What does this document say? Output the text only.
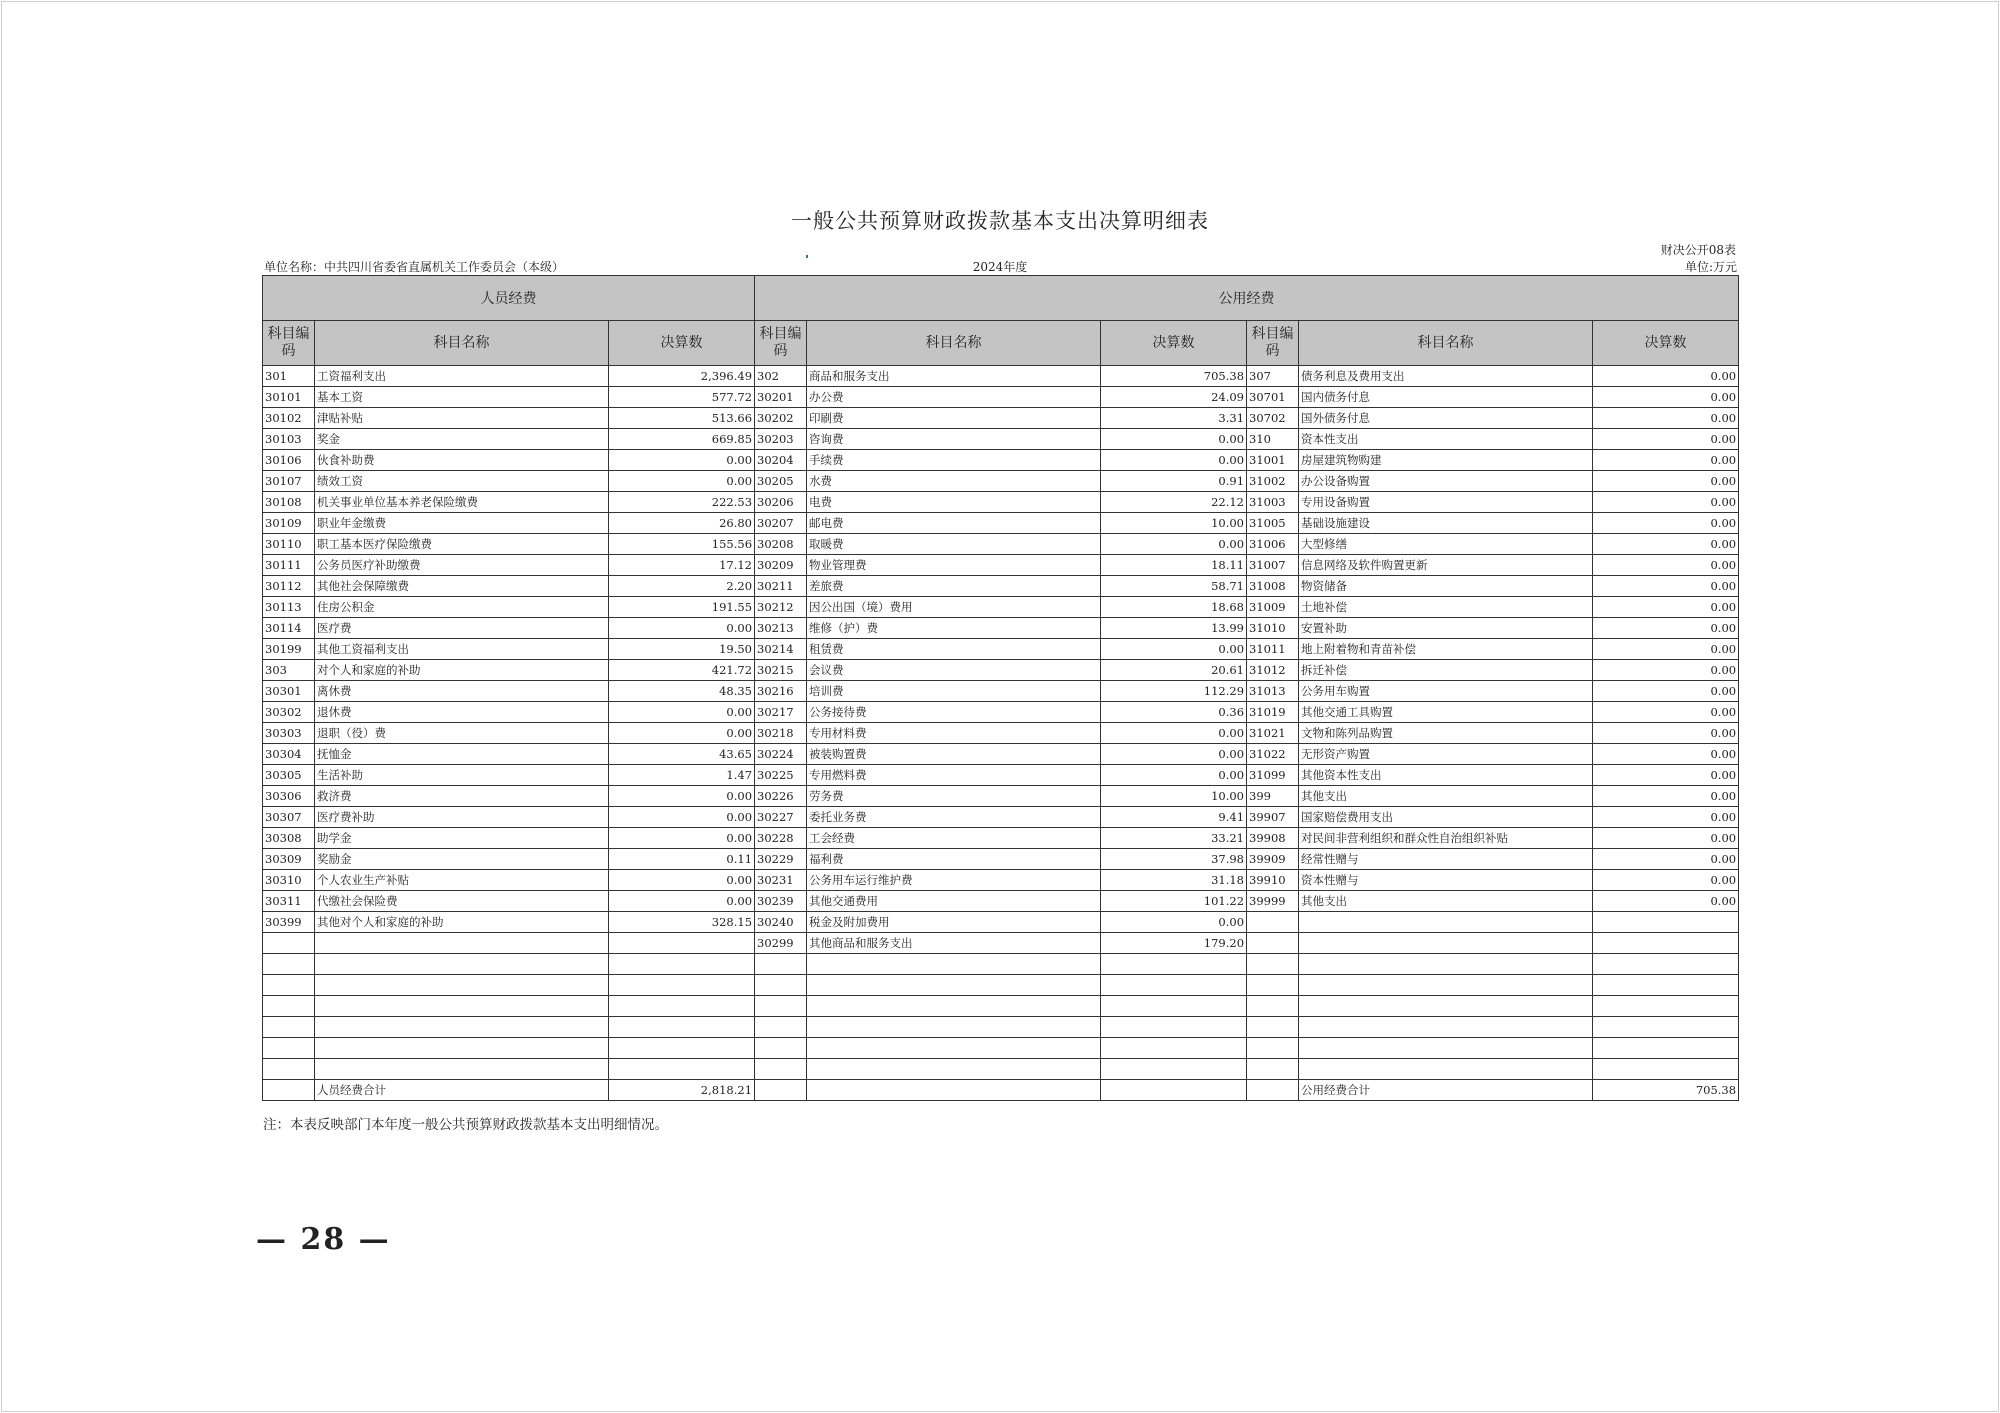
一般公共预算财政拨款基本支出决算明细表
财决公开08表
单位名称：中共四川省委省直属机关工作委员会（本级）	2024年度	单位:万元
人员经费			公用经费					
科目编码	科目名称	决算数	科目编码	科目名称	决算数	科目编码	科目名称	决算数
301	工资福利支出	2,396.49	302	商品和服务支出	705.38	307	债务利息及费用支出	0.00
30101	基本工资	577.72	30201	办公费	24.09	30701	国内债务付息	0.00
30102	津贴补贴	513.66	30202	印刷费	3.31	30702	国外债务付息	0.00
30103	奖金	669.85	30203	咨询费	0.00	310	资本性支出	0.00
30106	伙食补助费	0.00	30204	手续费	0.00	31001	房屋建筑物购建	0.00
30107	绩效工资	0.00	30205	水费	0.91	31002	办公设备购置	0.00
30108	机关事业单位基本养老保险缴费	222.53	30206	电费	22.12	31003	专用设备购置	0.00
30109	职业年金缴费	26.80	30207	邮电费	10.00	31005	基础设施建设	0.00
30110	职工基本医疗保险缴费	155.56	30208	取暖费	0.00	31006	大型修缮	0.00
30111	公务员医疗补助缴费	17.12	30209	物业管理费	18.11	31007	信息网络及软件购置更新	0.00
30112	其他社会保障缴费	2.20	30211	差旅费	58.71	31008	物资储备	0.00
30113	住房公积金	191.55	30212	因公出国（境）费用	18.68	31009	土地补偿	0.00
30114	医疗费	0.00	30213	维修（护）费	13.99	31010	安置补助	0.00
30199	其他工资福利支出	19.50	30214	租赁费	0.00	31011	地上附着物和青苗补偿	0.00
303	对个人和家庭的补助	421.72	30215	会议费	20.61	31012	拆迁补偿	0.00
30301	离休费	48.35	30216	培训费	112.29	31013	公务用车购置	0.00
30302	退休费	0.00	30217	公务接待费	0.36	31019	其他交通工具购置	0.00
30303	退职（役）费	0.00	30218	专用材料费	0.00	31021	文物和陈列品购置	0.00
30304	抚恤金	43.65	30224	被装购置费	0.00	31022	无形资产购置	0.00
30305	生活补助	1.47	30225	专用燃料费	0.00	31099	其他资本性支出	0.00
30306	救济费	0.00	30226	劳务费	10.00	399	其他支出	0.00
30307	医疗费补助	0.00	30227	委托业务费	9.41	39907	国家赔偿费用支出	0.00
30308	助学金	0.00	30228	工会经费	33.21	39908	对民间非营利组织和群众性自治组织补贴	0.00
30309	奖励金	0.11	30229	福利费	37.98	39909	经常性赠与	0.00
30310	个人农业生产补贴	0.00	30231	公务用车运行维护费	31.18	39910	资本性赠与	0.00
30311	代缴社会保险费	0.00	30239	其他交通费用	101.22	39999	其他支出	0.00
30399	其他对个人和家庭的补助	328.15	30240	税金及附加费用	0.00			
			30299	其他商品和服务支出	179.20			

	人员经费合计	2,818.21					公用经费合计	705.38
注：本表反映部门本年度一般公共预算财政拨款基本支出明细情况。
— 28 —
